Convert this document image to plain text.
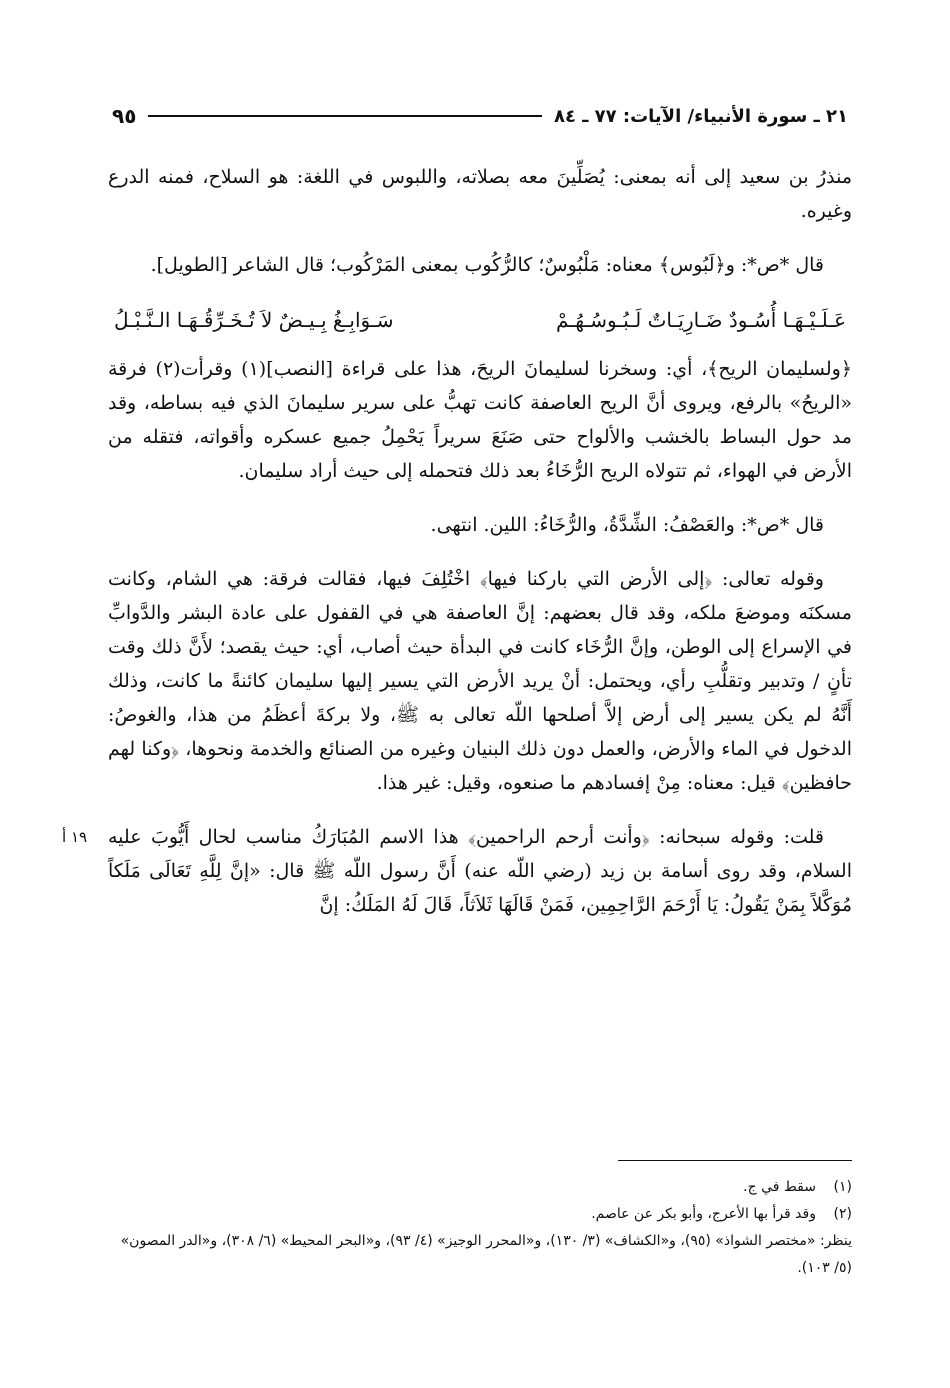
٢١ ـ سورة الأنبياء/ الآيات: ٧٧ ـ ٨٤
٩٥

منذرُ بن سعيد إلى أنه بمعنى: يُصَلِّينَ معه بصلاته، واللبوس في اللغة: هو السلاح، فمنه الدرع وغيره.

قال *ص*: و﴿لَبُوس﴾ معناه: مَلْبُوسٌ؛ كالرُّكُوب بمعنى المَرْكُوب؛ قال الشاعر [الطويل].

عَـلَـيْـهَـا أُسُـودٌ ضَـارِيَـاتٌ لَـبُـوسُـهُـمْ
سَـوَابِـغُ بِـيـضٌ لاَ تُـخَـرِّقُـهَـا الـنَّـبْـلُ

﴿ولسليمان الريح﴾، أي: وسخرنا لسليمانَ الريحَ، هذا على قراءة [النصب](١) وقرأت(٢) فرقة «الريحُ» بالرفع، ويروى أنَّ الريح العاصفة كانت تهبُّ على سرير سليمانَ الذي فيه بساطه، وقد مد حول البساط بالخشب والألواح حتى صَنَعَ سريراً يَحْمِلُ جميع عسكره وأقواته، فتقله من الأرض في الهواء، ثم تتولاه الريح الرُّخَاءُ بعد ذلك فتحمله إلى حيث أراد سليمان.

قال *ص*: والعَصْفُ: الشِّدَّةُ، والرُّخَاءُ: اللين. انتهى.

وقوله تعالى: ﴿إلى الأرض التي باركنا فيها﴾ اخْتُلِفَ فيها، فقالت فرقة: هي الشام، وكانت مسكنَه وموضعَ ملكه، وقد قال بعضهم: إنَّ العاصفة هي في القفول على عادة البشر والدَّوابِّ في الإسراع إلى الوطن، وإنَّ الرُّخَاء كانت في البدأة حيث أصاب، أي: حيث يقصد؛ لأَنَّ ذلك وقت تأنٍ / وتدبير وتقلُّبِ رأي، ويحتمل: أنْ يريد الأرض التي يسير إليها سليمان كائنةً ما كانت، وذلك أَنَّهُ لم يكن يسير إلى أرض إلاَّ أصلحها اللّه تعالى به ﷺ، ولا بركةَ أعظَمُ من هذا، والغوصُ: الدخول في الماء والأرض، والعمل دون ذلك البنيان وغيره من الصنائع والخدمة ونحوها، ﴿وكنا لهم حافظين﴾ قيل: معناه: مِنْ إفسادهم ما صنعوه، وقيل: غير هذا.

قلت: وقوله سبحانه: ﴿وأنت أرحم الراحمين﴾ هذا الاسم المُبَارَكُ مناسب لحال أَيُّوبَ عليه السلام، وقد روى أسامة بن زيد (رضي اللّه عنه) أَنَّ رسول اللّه ﷺ قال: «إنَّ لِلَّهِ تَعَالَى مَلَكاً مُوَكَّلاً بِمَنْ يَقُولُ: يَا أَرْحَمَ الرَّاحِمِين، فَمَنْ قَالَهَا ثَلاَثاً، قَالَ لَهُ المَلَكُ: إنَّ

١٩ أ
(١)
سقط في ج.
(٢)
وقد قرأ بها الأعرج، وأبو بكر عن عاصم.
ينظر: «مختصر الشواذ» (٩٥)، و«الكشاف» (٣/ ١٣٠)، و«المحرر الوجيز» (٤/ ٩٣)، و«البحر المحيط» (٦/ ٣٠٨)، و«الدر المصون» (٥/ ١٠٣).
